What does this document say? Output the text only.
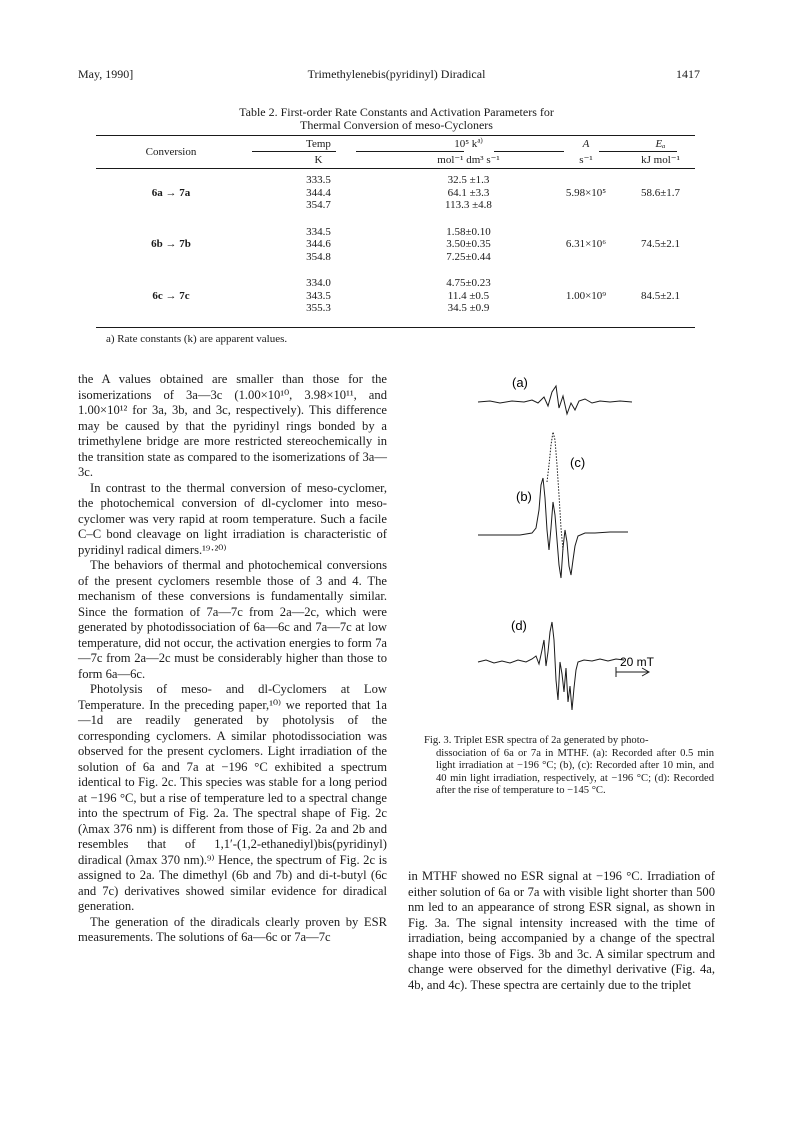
May, 1990]	Trimethylenebis(pyridinyl) Diradical	1417
Table 2. First-order Rate Constants and Activation Parameters for
Thermal Conversion of meso-Cycloners
Conversion	Temp	10⁵ $k^{a)}$	A	Eₐ
	K	mol⁻¹ dm³ s⁻¹	s⁻¹	kJ mol⁻¹

6a → 7a	333.5	32.5 ±1.3	5.98×10⁵	58.6±1.7
	344.4	64.1 ±3.3		
	354.7	113.3 ±4.8		

6b → 7b	334.5	1.58±0.10	6.31×10⁶	74.5±2.1
	344.6	3.50±0.35		
	354.8	7.25±0.44		

6c → 7c	334.0	4.75±0.23	1.00×10⁹	84.5±2.1
	343.5	11.4 ±0.5		
	355.3	34.5 ±0.9		
a) Rate constants (k) are apparent values.

the A values obtained are smaller than those for the isomerizations of 3a—3c (1.00×10¹⁰, 3.98×10¹¹, and 1.00×10¹² for 3a, 3b, and 3c, respectively). This difference may be caused by that the pyridinyl rings bonded by a trimethylene bridge are more restricted stereochemically in the transition state as compared to the isomerizations of 3a—3c.

In contrast to the thermal conversion of meso-cyclomer, the photochemical conversion of dl-cyclomer into meso-cyclomer was very rapid at room temperature. Such a facile C–C bond cleavage on light irradiation is characteristic of pyridinyl radical dimers.¹⁹·²⁰⁾

The behaviors of thermal and photochemical conversions of the present cyclomers resemble those of 3 and 4. The mechanism of these conversions is fundamentally similar. Since the formation of 7a—7c from 2a—2c, which were generated by photodissociation of 6a—6c and 7a—7c at low temperature, did not occur, the activation energies to form 7a—7c from 2a—2c must be considerably higher than those to form 6a—6c.

Photolysis of meso- and dl-Cyclomers at Low Temperature. In the preceding paper,¹⁰⁾ we reported that 1a—1d are readily generated by photolysis of the corresponding cyclomers. A similar photodissociation was observed for the present cyclomers. Light irradiation of the solution of 6a and 7a at −196 °C exhibited a spectrum identical to Fig. 2c. This species was stable for a long period at −196 °C, but a rise of temperature led to a spectral change into the spectrum of Fig. 2a. The spectral shape of Fig. 2c (λmax 376 nm) is different from those of Fig. 2a and 2b and resembles that of 1,1′-(1,2-ethanediyl)bis(pyridinyl) diradical (λmax 370 nm).⁹⁾ Hence, the spectrum of Fig. 2c is assigned to 2a. The dimethyl (6b and 7b) and di-t-butyl (6c and 7c) derivatives showed similar evidence for diradical generation.

The generation of the diradicals clearly proven by ESR measurements. The solutions of 6a—6c or 7a—7c

(a)
(c)
(b)
(d)
20 mT
Fig. 3. Triplet ESR spectra of 2a generated by photo-
dissociation of 6a or 7a in MTHF. (a): Recorded after 0.5 min light irradiation at −196 °C; (b), (c): Recorded after 10 min, and 40 min light irradiation, respectively, at −196 °C; (d): Recorded after the rise of temperature to −145 °C.

in MTHF showed no ESR signal at −196 °C. Irradiation of either solution of 6a or 7a with visible light shorter than 500 nm led to an appearance of strong ESR signal, as shown in Fig. 3a. The signal intensity increased with the time of irradiation, being accompanied by a change of the spectral shape into those of Figs. 3b and 3c. A similar spectrum and change were observed for the dimethyl derivative (Fig. 4a, 4b, and 4c). These spectra are certainly due to the triplet
